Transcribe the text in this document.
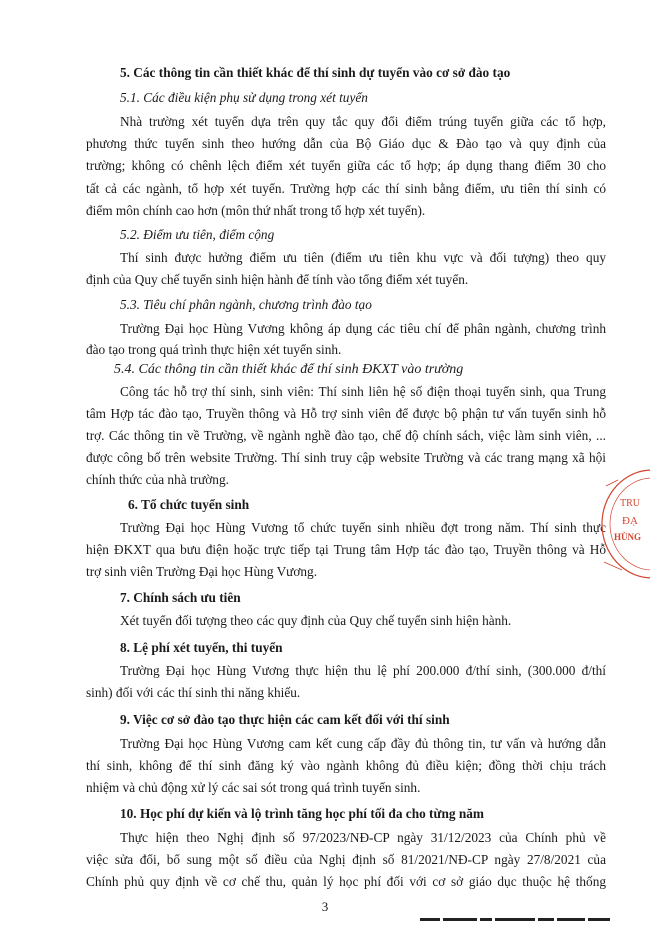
5. Các thông tin cần thiết khác để thí sinh dự tuyển vào cơ sở đào tạo
5.1. Các điều kiện phụ sử dụng trong xét tuyển
Nhà trường xét tuyển dựa trên quy tắc quy đổi điểm trúng tuyển giữa các tổ hợp,
phương thức tuyển sinh theo hướng dẫn của Bộ Giáo dục & Đào tạo và quy định của
trường; không có chênh lệch điểm xét tuyển giữa các tổ hợp; áp dụng thang điểm 30 cho
tất cả các ngành, tổ hợp xét tuyển. Trường hợp các thí sinh bằng điểm, ưu tiên thí sinh có
điểm môn chính cao hơn (môn thứ nhất trong tổ hợp xét tuyển).
5.2. Điểm ưu tiên, điểm cộng
Thí sinh được hưởng điểm ưu tiên (điểm ưu tiên khu vực và đối tượng) theo quy
định của Quy chế tuyển sinh hiện hành để tính vào tổng điểm xét tuyển.
5.3. Tiêu chí phân ngành, chương trình đào tạo
Trường Đại học Hùng Vương không áp dụng các tiêu chí để phân ngành, chương trình
đào tạo trong quá trình thực hiện xét tuyển sinh.
5.4. Các thông tin cần thiết khác để thí sinh ĐKXT vào trường
Công tác hỗ trợ thí sinh, sinh viên: Thí sinh liên hệ số điện thoại tuyển sinh, qua Trung
tâm Hợp tác đào tạo, Truyền thông và Hỗ trợ sinh viên để được bộ phận tư vấn tuyển sinh hỗ
trợ. Các thông tin về Trường, về ngành nghề đào tạo, chế độ chính sách, việc làm sinh viên, ...
được công bố trên website Trường. Thí sinh truy cập website Trường và các trang mạng xã hội
chính thức của nhà trường.
6. Tổ chức tuyển sinh
Trường Đại học Hùng Vương tổ chức tuyển sinh nhiều đợt trong năm. Thí sinh thực
hiện ĐKXT qua bưu điện hoặc trực tiếp tại Trung tâm Hợp tác đào tạo, Truyền thông và Hỗ
trợ sinh viên Trường Đại học Hùng Vương.
7. Chính sách ưu tiên
Xét tuyển đối tượng theo các quy định của Quy chế tuyển sinh hiện hành.
8. Lệ phí xét tuyển, thi tuyển
Trường Đại học Hùng Vương thực hiện thu lệ phí 200.000 đ/thí sinh, (300.000 đ/thí
sinh) đối với các thí sinh thi năng khiếu.
9. Việc cơ sở đào tạo thực hiện các cam kết đối với thí sinh
Trường Đại học Hùng Vương cam kết cung cấp đầy đủ thông tin, tư vấn và hướng dẫn
thí sinh, không để thí sinh đăng ký vào ngành không đủ điều kiện; đồng thời chịu trách
nhiệm và chủ động xử lý các sai sót trong quá trình tuyển sinh.
10. Học phí dự kiến và lộ trình tăng học phí tối đa cho từng năm
Thực hiện theo Nghị định số 97/2023/NĐ-CP ngày 31/12/2023 của Chính phủ về
việc sửa đổi, bổ sung một số điều của Nghị định số 81/2021/NĐ-CP ngày 27/8/2021 của
Chính phủ quy định về cơ chế thu, quản lý học phí đối với cơ sở giáo dục thuộc hệ thống
3
TRU
ĐẠ
HÙNG
